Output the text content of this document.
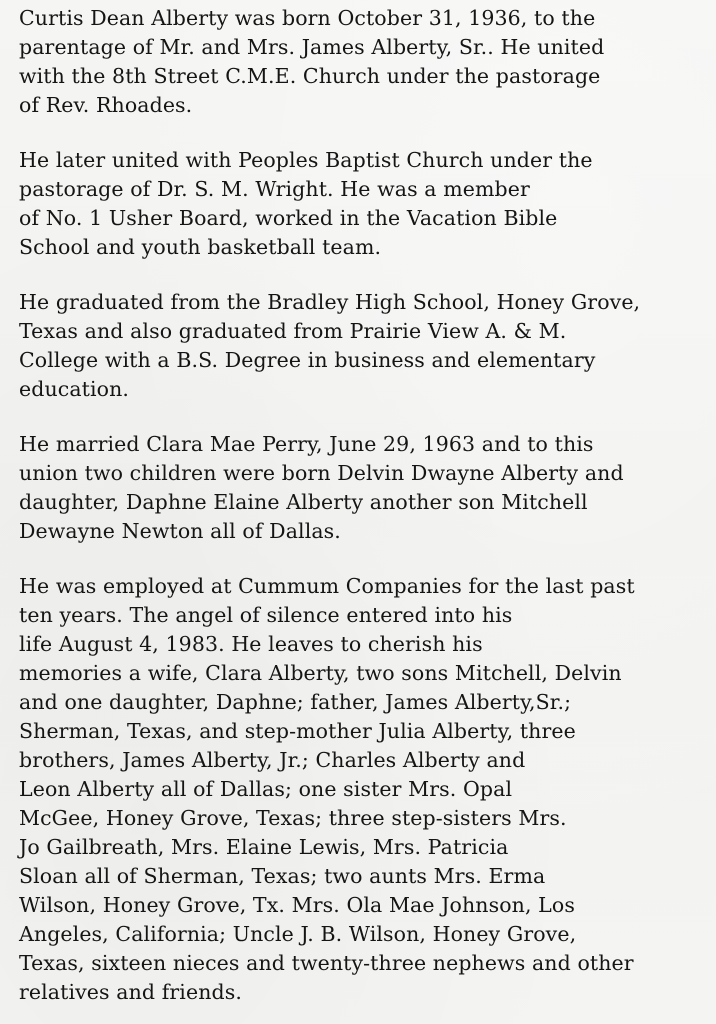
Curtis Dean Alberty was born October 31, 1936, to the
parentage of Mr. and Mrs. James Alberty, Sr.. He united
with the 8th Street C.M.E. Church under the pastorage
of Rev. Rhoades.

He later united with Peoples Baptist Church under the
pastorage of Dr. S. M. Wright. He was a member
of No. 1 Usher Board, worked in the Vacation Bible
School and youth basketball team.

He graduated from the Bradley High School, Honey Grove,
Texas and also graduated from Prairie View A. & M.
College with a B.S. Degree in business and elementary
education.

He married Clara Mae Perry, June 29, 1963 and to this
union two children were born Delvin Dwayne Alberty and
daughter, Daphne Elaine Alberty another son Mitchell
Dewayne Newton all of Dallas.

He was employed at Cummum Companies for the last past
ten years. The angel of silence entered into his
life August 4, 1983. He leaves to cherish his
memories a wife, Clara Alberty, two sons Mitchell, Delvin
and one daughter, Daphne; father, James Alberty,Sr.;
Sherman, Texas, and step-mother Julia Alberty, three
brothers, James Alberty, Jr.; Charles Alberty and
Leon Alberty all of Dallas; one sister Mrs. Opal
McGee, Honey Grove, Texas; three step-sisters Mrs.
Jo Gailbreath, Mrs. Elaine Lewis, Mrs. Patricia
Sloan all of Sherman, Texas; two aunts Mrs. Erma
Wilson, Honey Grove, Tx. Mrs. Ola Mae Johnson, Los
Angeles, California; Uncle J. B. Wilson, Honey Grove,
Texas, sixteen nieces and twenty-three nephews and other
relatives and friends.
